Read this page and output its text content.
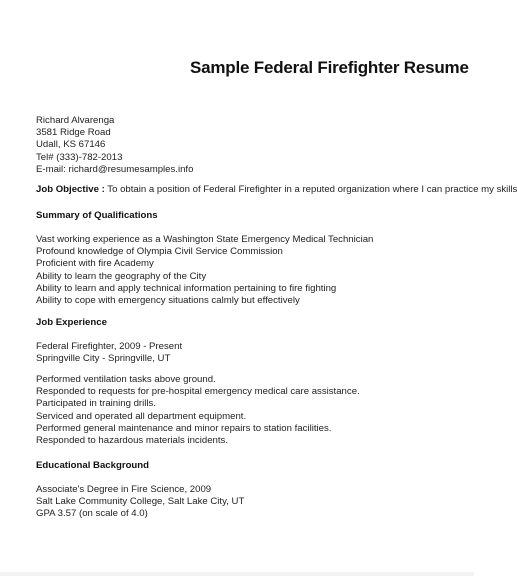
Sample Federal Firefighter Resume
Richard Alvarenga
3581 Ridge Road
Udall, KS 67146
Tel# (333)-782-2013
E-mail: richard@resumesamples.info
Job Objective : To obtain a position of Federal Firefighter in a reputed organization where I can practice my skills
Summary of Qualifications
Vast working experience as a Washington State Emergency Medical Technician
Profound knowledge of Olympia Civil Service Commission
Proficient with fire Academy
Ability to learn the geography of the City
Ability to learn and apply technical information pertaining to fire fighting
Ability to cope with emergency situations calmly but effectively
Job Experience
Federal Firefighter, 2009 - Present
Springville City - Springville, UT
Performed ventilation tasks above ground.
Responded to requests for pre-hospital emergency medical care assistance.
Participated in training drills.
Serviced and operated all department equipment.
Performed general maintenance and minor repairs to station facilities.
Responded to hazardous materials incidents.
Educational Background
Associate's Degree in Fire Science, 2009
Salt Lake Community College, Salt Lake City, UT
GPA 3.57 (on scale of 4.0)
